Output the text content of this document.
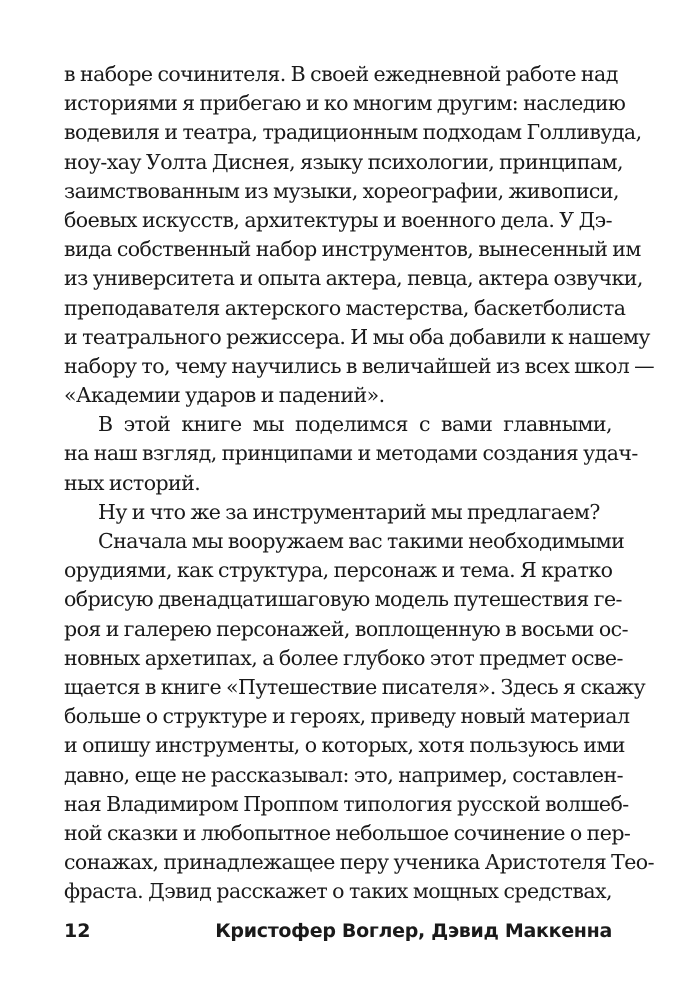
в наборе сочинителя. В своей ежедневной работе над
историями я прибегаю и ко многим другим: наследию
водевиля и театра, традиционным подходам Голливуда,
ноу-хау Уолта Диснея, языку психологии, принципам,
заимствованным из музыки, хореографии, живописи,
боевых искусств, архитектуры и военного дела. У Дэ-
вида собственный набор инструментов, вынесенный им
из университета и опыта актера, певца, актера озвучки,
преподавателя актерского мастерства, баскетболиста
и театрального режиссера. И мы оба добавили к нашему
набору то, чему научились в величайшей из всех школ —
«Академии ударов и падений».
В этой книге мы поделимся с вами главными,
на наш взгляд, принципами и методами создания удач-
ных историй.
Ну и что же за инструментарий мы предлагаем?
Сначала мы вооружаем вас такими необходимыми
орудиями, как структура, персонаж и тема. Я кратко
обрисую двенадцатишаговую модель путешествия ге-
роя и галерею персонажей, воплощенную в восьми ос-
новных архетипах, а более глубоко этот предмет осве-
щается в книге «Путешествие писателя». Здесь я скажу
больше о структуре и героях, приведу новый материал
и опишу инструменты, о которых, хотя пользуюсь ими
давно, еще не рассказывал: это, например, составлен-
ная Владимиром Проппом типология русской волшеб-
ной сказки и любопытное небольшое сочинение о пер-
сонажах, принадлежащее перу ученика Аристотеля Тео-
фраста. Дэвид расскажет о таких мощных средствах,
12	Кристофер Воглер, Дэвид Маккенна
